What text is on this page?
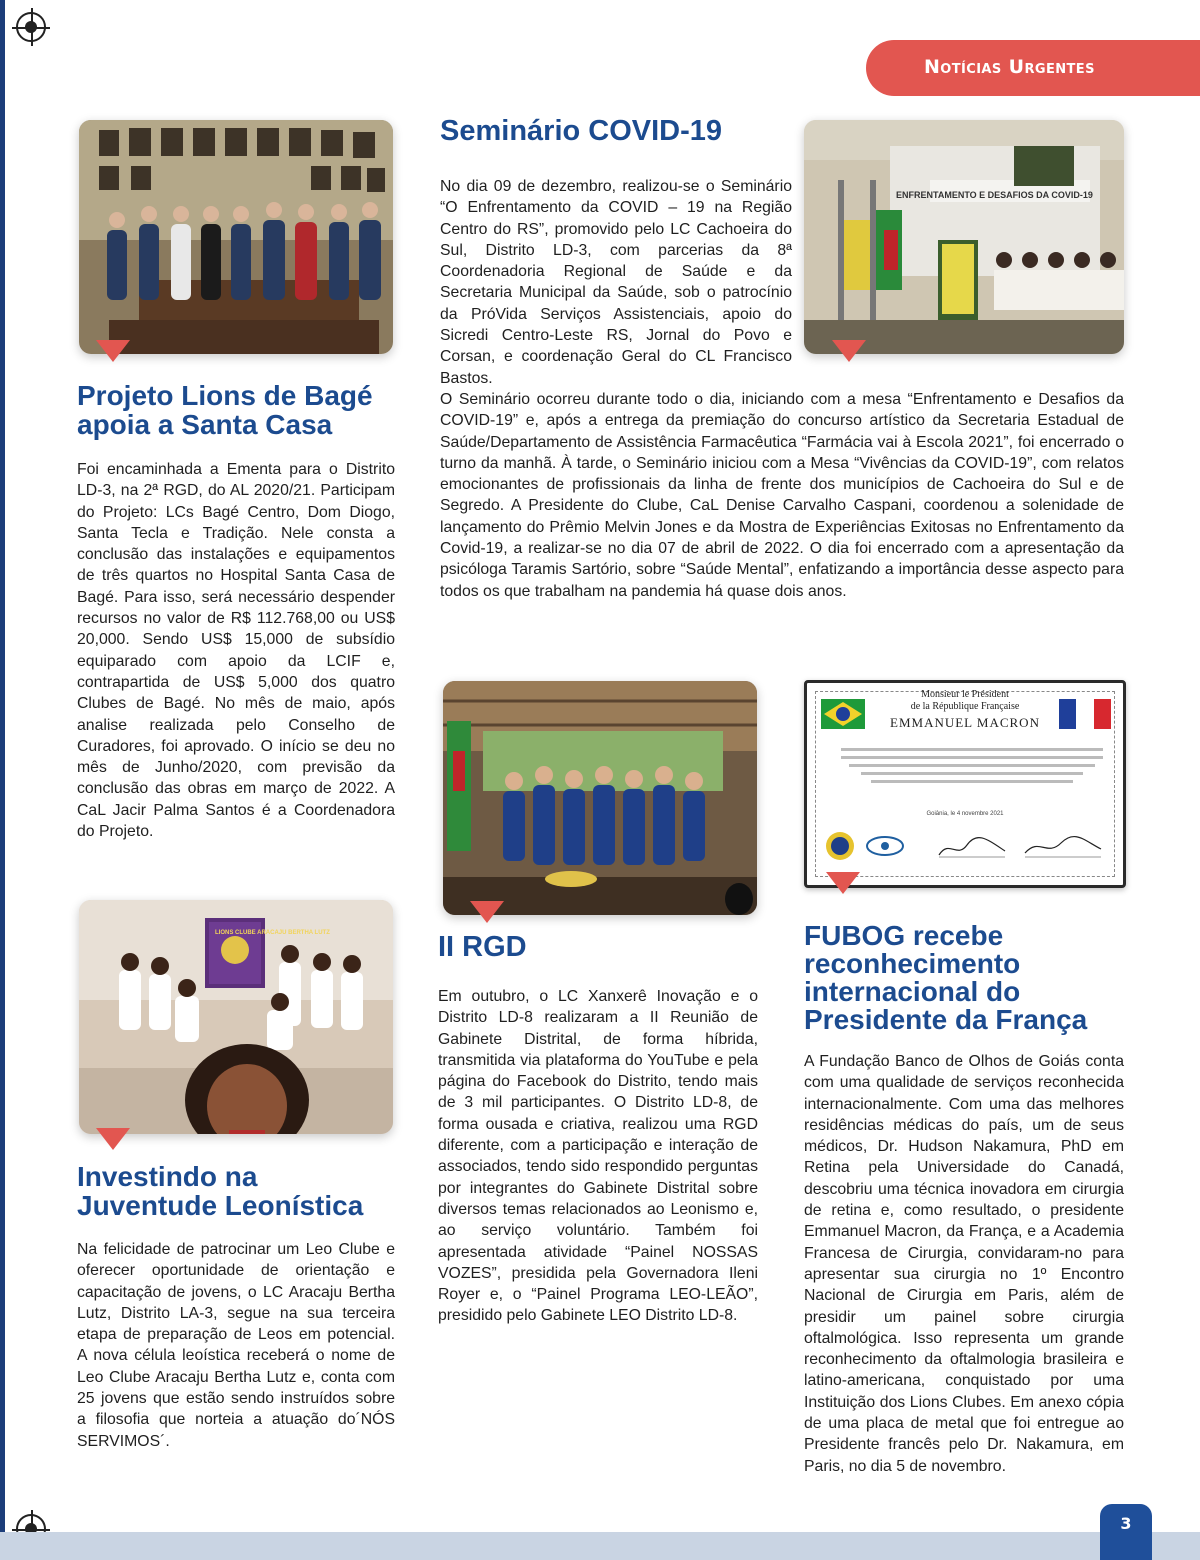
Notícias Urgentes
ENFRENTAMENTO E DESAFIOS DA COVID-19
Seminário COVID-19

No dia 09 de dezembro, realizou-se o Seminário “O Enfrentamento da COVID – 19 na Região Centro do RS”, promovido pelo LC Cachoeira do Sul, Distrito LD-3, com parcerias da 8ª Coordenadoria Regional de Saúde e da Secretaria Municipal da Saúde, sob o patrocínio da PróVida Serviços Assistenciais, apoio do Sicredi Centro-Leste RS, Jornal do Povo e Corsan, e coordenação Geral do CL Francisco Bastos.

O Seminário ocorreu durante todo o dia, iniciando com a mesa “Enfrentamento e Desafios da COVID-19” e, após a entrega da premiação do concurso artístico da Secretaria Estadual de Saúde/Departamento de Assistência Farmacêutica “Farmácia vai à Escola 2021”, foi encerrado o turno da manhã. À tarde, o Seminário iniciou com a Mesa “Vivências da COVID-19”, com relatos emocionantes de profissionais da linha de frente dos municípios de Cachoeira do Sul e de Segredo. A Presidente do Clube, CaL Denise Carvalho Caspani, coordenou a solenidade de lançamento do Prêmio Melvin Jones e da Mostra de Experiências Exitosas no Enfrentamento da Covid-19, a realizar-se no dia 07 de abril de 2022. O dia foi encerrado com a apresentação da psicóloga Taramis Sartório, sobre “Saúde Mental”, enfatizando a importância desse aspecto para todos os que trabalham na pandemia há quase dois anos.

Projeto Lions de Bagé apoia a Santa Casa

Foi encaminhada a Ementa para o Distrito LD-3, na 2ª RGD, do AL 2020/21. Participam do Projeto: LCs Bagé Centro, Dom Diogo, Santa Tecla e Tradição. Nele consta a conclusão das instalações e equipamentos de três quartos no Hospital Santa Casa de Bagé. Para isso, será necessário despender recursos no valor de R$ 112.768,00 ou US$ 20,000. Sendo US$ 15,000 de subsídio equiparado com apoio da LCIF e, contrapartida de US$ 5,000 dos quatro Clubes de Bagé. No mês de maio, após analise realizada pelo Conselho de Curadores, foi aprovado. O início se deu no mês de Junho/2020, com previsão da conclusão das obras em março de 2022. A CaL Jacir Palma Santos é a Coordenadora do Projeto.

LIONS CLUBE ARACAJU BERTHA LUTZ
Investindo na Juventude Leonística

Na felicidade de patrocinar um Leo Clube e oferecer oportunidade de orientação e capacitação de jovens, o LC Aracaju Bertha Lutz, Distrito LA-3, segue na sua terceira etapa de preparação de Leos em potencial. A nova célula leoística receberá o nome de Leo Clube Aracaju Bertha Lutz e, conta com 25 jovens que estão sendo instruídos sobre a filosofia que norteia a atuação do´NÓS SERVIMOS´.

II RGD

Em outubro, o LC Xanxerê Inovação e o Distrito LD-8 realizaram a II Reunião de Gabinete Distrital, de forma híbrida, transmitida via plataforma do YouTube e pela página do Facebook do Distrito, tendo mais de 3 mil participantes. O Distrito LD-8, de forma ousada e criativa, realizou uma RGD diferente, com a participação e interação de associados, tendo sido respondido perguntas por integrantes do Gabinete Distrital sobre diversos temas relacionados ao Leonismo e, ao serviço voluntário. Também foi apresentada atividade “Painel NOSSAS VOZES”, presidida pela Governadora Ileni Royer e, o “Painel Programa LEO-LEÃO”, presidido pelo Gabinete LEO Distrito LD-8.

Monsieur le Président
de la République Française
EMMANUEL MACRON
Goiânia, le 4 novembre 2021
FUBOG recebe reconhecimento internacional do Presidente da França

A Fundação Banco de Olhos de Goiás conta com uma qualidade de serviços reconhecida internacionalmente. Com uma das melhores residências médicas do país, um de seus médicos, Dr. Hudson Nakamura, PhD em Retina pela Universidade do Canadá, descobriu uma técnica inovadora em cirurgia de retina e, como resultado, o presidente Emmanuel Macron, da França, e a Academia Francesa de Cirurgia, convidaram-no para apresentar sua cirurgia no 1º Encontro Nacional de Cirurgia em Paris, além de presidir um painel sobre cirurgia oftalmológica. Isso representa um grande reconhecimento da oftalmologia brasileira e latino-americana, conquistado por uma Instituição dos Lions Clubes. Em anexo cópia de uma placa de metal que foi entregue ao Presidente francês pelo Dr. Nakamura, em Paris, no dia 5 de novembro.

3
